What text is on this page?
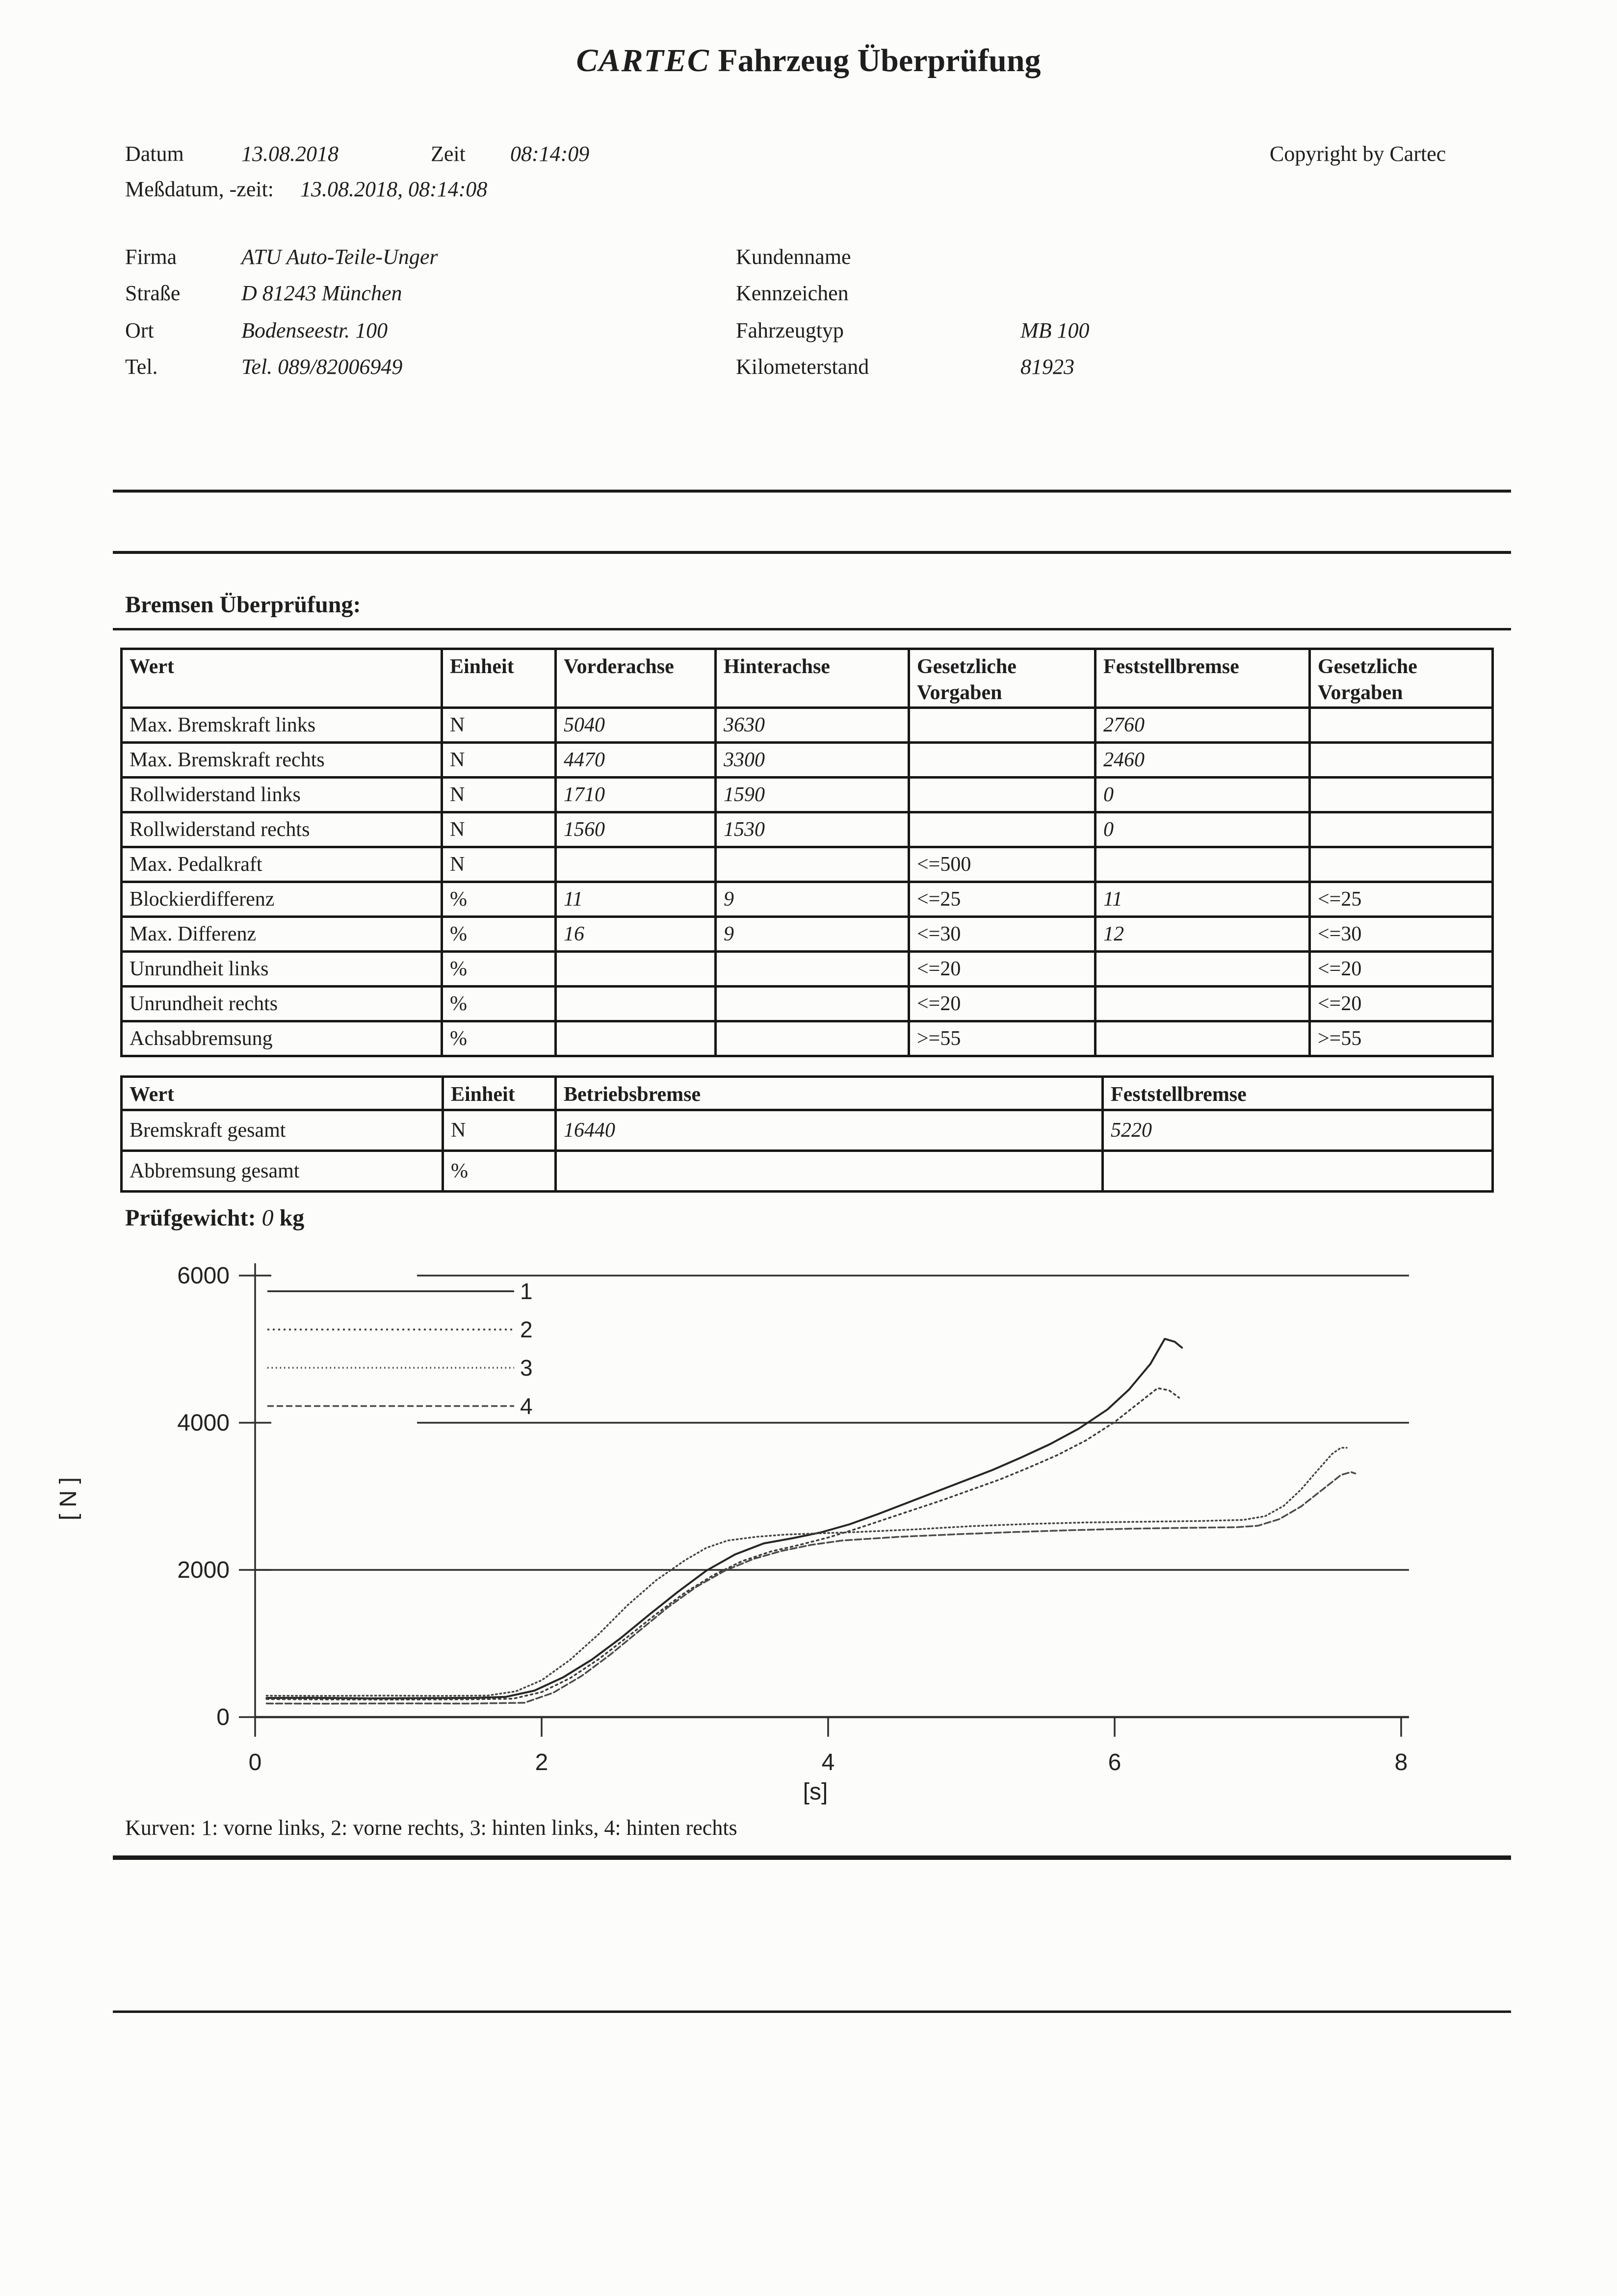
CARTEC Fahrzeug Überprüfung
Datum	13.08.2018	Zeit 08:14:09	Copyright by Cartec
Meßdatum, -zeit: 13.08.2018, 08:14:08
Firma	ATU Auto-Teile-Unger
Straße	D 81243 München
Ort	Bodenseestr. 100
Tel.	Tel. 089/82006949
Kundenname
Kennzeichen
Fahrzeugtyp	MB 100
Kilometerstand	81923
Bremsen Überprüfung:
Wert	Einheit	Vorderachse	Hinterachse	Gesetzliche Vorgaben	Feststellbremse	Gesetzliche Vorgaben
Max. Bremskraft links	N	5040	3630		2760	
Max. Bremskraft rechts	N	4470	3300		2460	
Rollwiderstand links	N	1710	1590		0	
Rollwiderstand rechts	N	1560	1530		0	
Max. Pedalkraft	N			<=500		
Blockierdifferenz	%	11	9	<=25	11	<=25
Max. Differenz	%	16	9	<=30	12	<=30
Unrundheit links	%			<=20		<=20
Unrundheit rechts	%			<=20		<=20
Achsabbremsung	%			>=55		>=55
Wert	Einheit	Betriebsbremse	Feststellbremse
Bremskraft gesamt	N	16440	5220
Abbremsung gesamt	%		
Prüfgewicht: 0 kg
0
2000
4000
6000
0	2	4	6	8
[ N ]
[s]
1
2
3
4
Kurven: 1: vorne links, 2: vorne rechts, 3: hinten links, 4: hinten rechts
